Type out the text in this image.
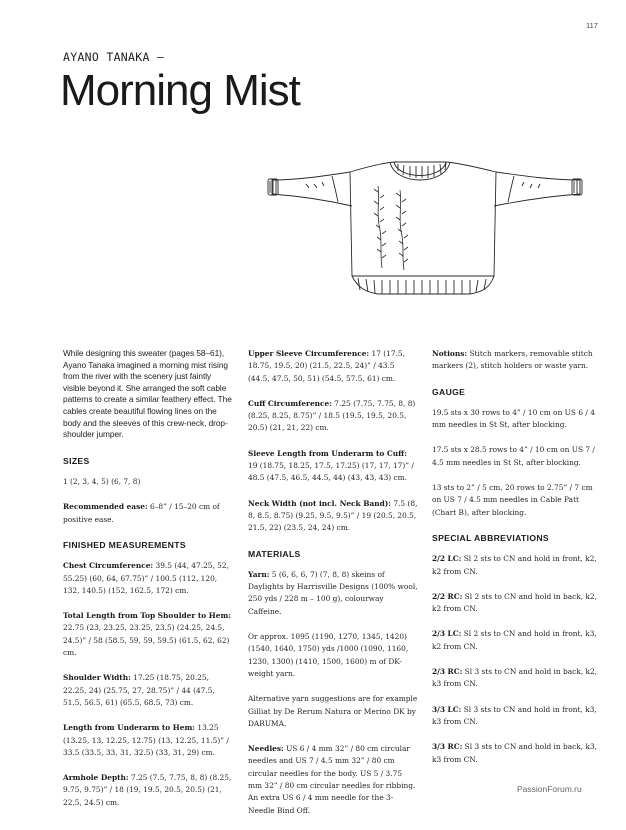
117
AYANO TANAKA —
Morning Mist

While designing this sweater (pages 58–61), Ayano Tanaka imagined a morning mist rising from the river with the scenery just faintly visible beyond it. She arranged the soft cable patterns to create a similar feathery effect. The cables create beautiful flowing lines on the body and the sleeves of this crew-neck, drop-shoulder jumper.

SIZES

1 (2, 3, 4, 5) (6, 7, 8)

Recommended ease: 6–8” / 15–20 cm of positive ease.

FINISHED MEASUREMENTS

Chest Circumference: 39.5 (44, 47.25, 52, 55.25) (60, 64, 67.75)” / 100.5 (112, 120, 132, 140.5) (152, 162.5, 172) cm.

Total Length from Top Shoulder to Hem: 22.75 (23, 23.25, 23.25, 23.5) (24.25, 24.5, 24.5)” / 58 (58.5, 59, 59, 59.5) (61.5, 62, 62) cm.

Shoulder Width: 17.25 (18.75, 20.25, 22.25, 24) (25.75, 27, 28.75)” / 44 (47.5, 51.5, 56.5, 61) (65.5, 68.5, 73) cm.

Length from Underarm to Hem: 13.25 (13.25, 13, 12.25, 12.75) (13, 12.25, 11.5)” / 33.5 (33.5, 33, 31, 32.5) (33, 31, 29) cm.

Armhole Depth: 7.25 (7.5, 7.75, 8, 8) (8.25, 9.75, 9.75)” / 18 (19, 19.5, 20.5, 20.5) (21, 22.5, 24.5) cm.

Upper Sleeve Circumference: 17 (17.5, 18.75, 19.5, 20) (21.5, 22.5, 24)” / 43.5 (44.5, 47.5, 50, 51) (54.5, 57.5, 61) cm.

Cuff Circumference: 7.25 (7.75, 7.75, 8, 8) (8.25, 8.25, 8.75)” / 18.5 (19.5, 19.5, 20.5, 20.5) (21, 21, 22) cm.

Sleeve Length from Underarm to Cuff: 19 (18.75, 18.25, 17.5, 17.25) (17, 17, 17)” / 48.5 (47.5, 46.5, 44.5, 44) (43, 43, 43) cm.

Neck Width (not incl. Neck Band): 7.5 (8, 8, 8.5, 8.75) (9.25, 9.5, 9.5)” / 19 (20.5, 20.5, 21.5, 22) (23.5, 24, 24) cm.

MATERIALS

Yarn: 5 (6, 6, 6, 7) (7, 8, 8) skeins of Daylights by Harrisville Designs (100% wool, 250 yds / 228 m – 100 g), colourway Caffeine.

Or approx. 1095 (1190, 1270, 1345, 1420) (1540, 1640, 1750) yds /1000 (1090, 1160, 1230, 1300) (1410, 1500, 1600) m of DK-weight yarn.

Alternative yarn suggestions are for example Gilliat by De Rerum Natura or Merino DK by DARUMA.

Needles: US 6 / 4 mm 32” / 80 cm circular needles and US 7 / 4.5 mm 32” / 80 cm circular needles for the body. US 5 / 3.75 mm 32” / 80 cm circular needles for ribbing. An extra US 6 / 4 mm needle for the 3-Needle Bind Off.

Notions: Stitch markers, removable stitch markers (2), stitch holders or waste yarn.

GAUGE

19.5 sts x 30 rows to 4” / 10 cm on US 6 / 4 mm needles in St St, after blocking.

17.5 sts x 28.5 rows to 4” / 10 cm on US 7 / 4.5 mm needles in St St, after blocking.

13 sts to 2” / 5 cm, 20 rows to 2.75” / 7 cm on US 7 / 4.5 mm needles in Cable Patt (Chart B), after blocking.

SPECIAL ABBREVIATIONS

2/2 LC: Sl 2 sts to CN and hold in front, k2, k2 from CN.

2/2 RC: Sl 2 sts to CN and hold in back, k2, k2 from CN.

2/3 LC: Sl 2 sts to CN and hold in front, k3, k2 from CN.

2/3 RC: Sl 3 sts to CN and hold in back, k2, k3 from CN.

3/3 LC: Sl 3 sts to CN and hold in front, k3, k3 from CN.

3/3 RC: Sl 3 sts to CN and hold in back, k3, k3 from CN.

PassionForum.ru
